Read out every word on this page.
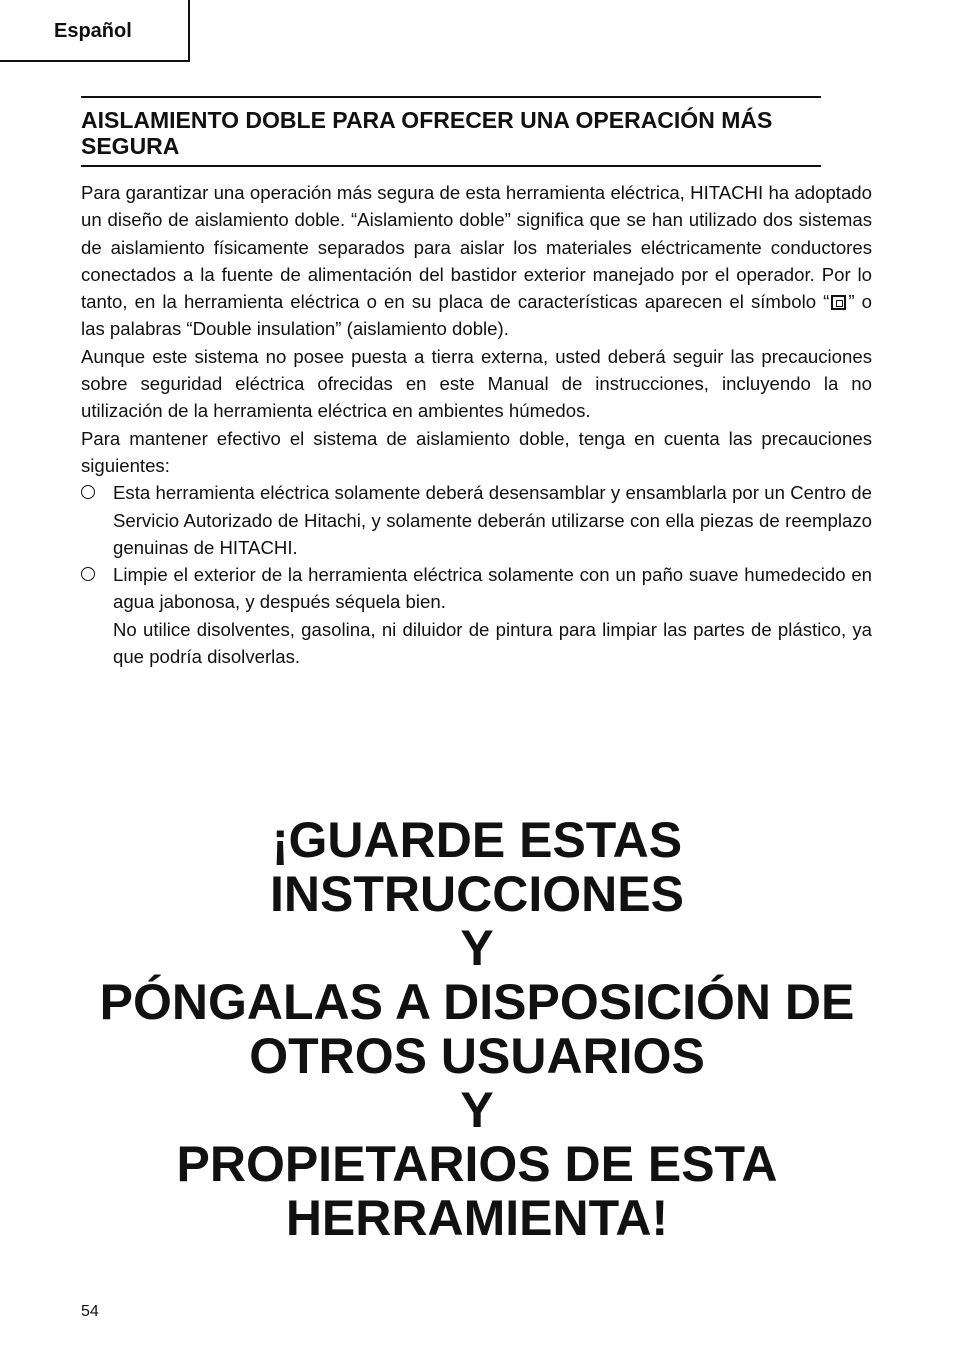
Español
AISLAMIENTO DOBLE PARA OFRECER UNA OPERACIÓN MÁS SEGURA

Para garantizar una operación más segura de esta herramienta eléctrica, HITACHI ha adoptado un diseño de aislamiento doble. “Aislamiento doble” significa que se han utilizado dos sistemas de aislamiento físicamente separados para aislar los materiales eléctricamente conductores conectados a la fuente de alimentación del bastidor exterior manejado por el operador. Por lo tanto, en la herramienta eléctrica o en su placa de características aparecen el símbolo “ ” o las palabras “Double insulation” (aislamiento doble).

Aunque este sistema no posee puesta a tierra externa, usted deberá seguir las precauciones sobre seguridad eléctrica ofrecidas en este Manual de instrucciones, incluyendo la no utilización de la herramienta eléctrica en ambientes húmedos.

Para mantener efectivo el sistema de aislamiento doble, tenga en cuenta las precauciones siguientes:

Esta herramienta eléctrica solamente deberá desensamblar y ensamblarla por un Centro de Servicio Autorizado de Hitachi, y solamente deberán utilizarse con ella piezas de reemplazo genuinas de HITACHI.
Limpie el exterior de la herramienta eléctrica solamente con un paño suave humedecido en agua jabonosa, y después séquela bien.
No utilice disolventes, gasolina, ni diluidor de pintura para limpiar las partes de plástico, ya que podría disolverlas.
¡GUARDE ESTAS
INSTRUCCIONES
Y
PÓNGALAS A DISPOSICIÓN DE
OTROS USUARIOS
Y
PROPIETARIOS DE ESTA
HERRAMIENTA!
54
